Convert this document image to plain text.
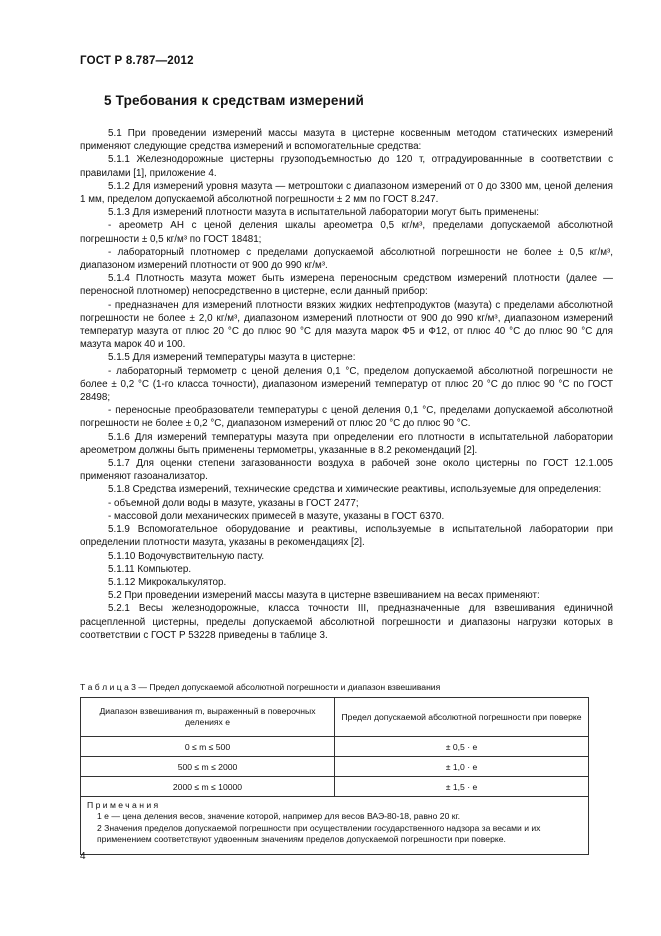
ГОСТ Р 8.787—2012
5 Требования к средствам измерений

5.1 При проведении измерений массы мазута в цистерне косвенным методом статических измерений применяют следующие средства измерений и вспомогательные средства:

5.1.1 Железнодорожные цистерны грузоподъемностью до 120 т, отградуированнные в соответствии с правилами [1], приложение 4.

5.1.2 Для измерений уровня мазута — метроштоки с диапазоном измерений от 0 до 3300 мм, ценой деления 1 мм, пределом допускаемой абсолютной погрешности ± 2 мм по ГОСТ 8.247.

5.1.3 Для измерений плотности мазута в испытательной лаборатории могут быть применены:

- ареометр АН с ценой деления шкалы ареометра 0,5 кг/м³, пределами допускаемой абсолютной погрешности ± 0,5 кг/м³ по ГОСТ 18481;

- лабораторный плотномер с пределами допускаемой абсолютной погрешности не более ± 0,5 кг/м³, диапазоном измерений плотности от 900 до 990 кг/м³.

5.1.4 Плотность мазута может быть измерена переносным средством измерений плотности (далее — переносной плотномер) непосредственно в цистерне, если данный прибор:

- предназначен для измерений плотности вязких жидких нефтепродуктов (мазута) с пределами абсолютной погрешности не более ± 2,0 кг/м³, диапазоном измерений плотности от 900 до 990 кг/м³, диапазоном измерений температур мазута от плюс 20 °С до плюс 90 °С для мазута марок Ф5 и Ф12, от плюс 40 °С до плюс 90 °С для мазута марок 40 и 100.

5.1.5 Для измерений температуры мазута в цистерне:

- лабораторный термометр с ценой деления 0,1 °С, пределом допускаемой абсолютной погрешности не более ± 0,2 °С (1-го класса точности), диапазоном измерений температур от плюс 20 °С до плюс 90 °С по ГОСТ 28498;

- переносные преобразователи температуры с ценой деления 0,1 °С, пределами допускаемой абсолютной погрешности не более ± 0,2 °С, диапазоном измерений от плюс 20 °С до плюс 90 °С.

5.1.6 Для измерений температуры мазута при определении его плотности в испытательной лаборатории ареометром должны быть применены термометры, указанные в 8.2 рекомендаций [2].

5.1.7 Для оценки степени загазованности воздуха в рабочей зоне около цистерны по ГОСТ 12.1.005 применяют газоанализатор.

5.1.8 Средства измерений, технические средства и химические реактивы, используемые для определения:

- объемной доли воды в мазуте, указаны в ГОСТ 2477;

- массовой доли механических примесей в мазуте, указаны в ГОСТ 6370.

5.1.9 Вспомогательное оборудование и реактивы, используемые в испытательной лаборатории при определении плотности мазута, указаны в рекомендациях [2].

5.1.10 Водочувствительную пасту.

5.1.11 Компьютер.

5.1.12 Микрокалькулятор.

5.2 При проведении измерений массы мазута в цистерне взвешиванием на весах применяют:

5.2.1 Весы железнодорожные, класса точности III, предназначенные для взвешивания единичной расцепленной цистерны, пределы допускаемой абсолютной погрешности и диапазоны нагрузки которых в соответствии с ГОСТ Р 53228 приведены в таблице 3.

Т а б л и ц а 3 — Предел допускаемой абсолютной погрешности и диапазон взвешивания
Диапазон взвешивания m, выраженный в поверочных делениях e	Предел допускаемой абсолютной погрешности при поверке
0 ≤ m ≤ 500	± 0,5 · e
500 ≤ m ≤ 2000	± 1,0 · e
2000 ≤ m ≤ 10000	± 1,5 · e

Примечания
1 e — цена деления весов, значение которой, например для весов ВАЭ-80-18, равно 20 кг.
2 Значения пределов допускаемой погрешности при осуществлении государственного надзора за весами и их применением соответствуют удвоенным значениям пределов допускаемой погрешности при поверке.	
4
